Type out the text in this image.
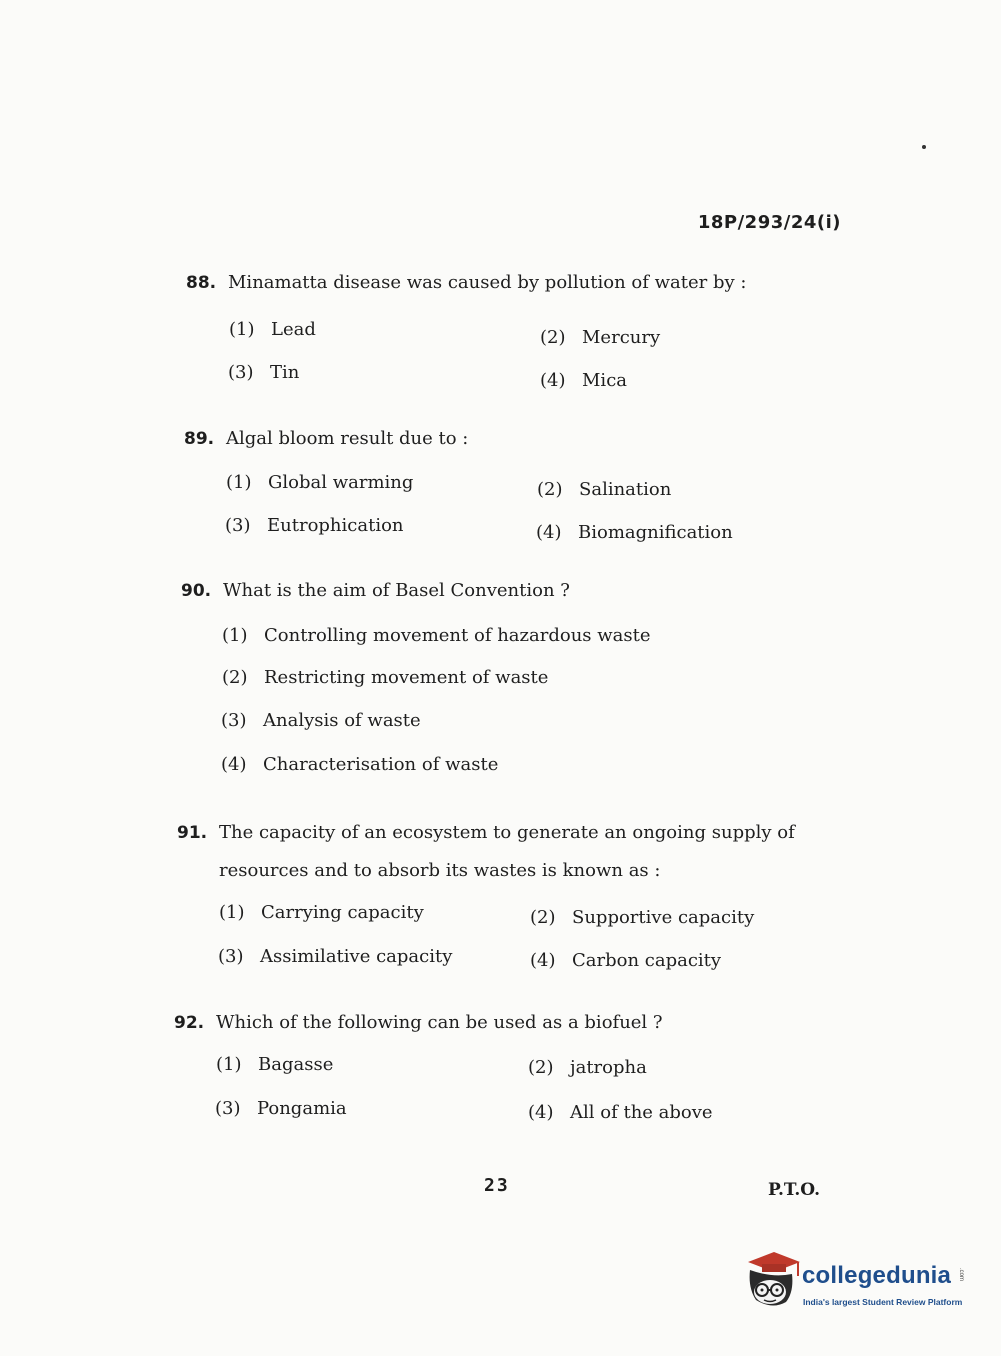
18P/293/24(i)
88. Minamatta disease was caused by pollution of water by :
(1) Lead	(2) Mercury
(3) Tin	(4) Mica
89. Algal bloom result due to :
(1) Global warming	(2) Salination
(3) Eutrophication	(4) Biomagnification
90. What is the aim of Basel Convention ?
(1) Controlling movement of hazardous waste
(2) Restricting movement of waste
(3) Analysis of waste
(4) Characterisation of waste
91. The capacity of an ecosystem to generate an ongoing supply of
resources and to absorb its wastes is known as :
(1) Carrying capacity	(2) Supportive capacity
(3) Assimilative capacity	(4) Carbon capacity
92. Which of the following can be used as a biofuel ?
(1) Bagasse	(2) jatropha
(3) Pongamia	(4) All of the above
23	P.T.O.
collegedunia .com
India's largest Student Review Platform
